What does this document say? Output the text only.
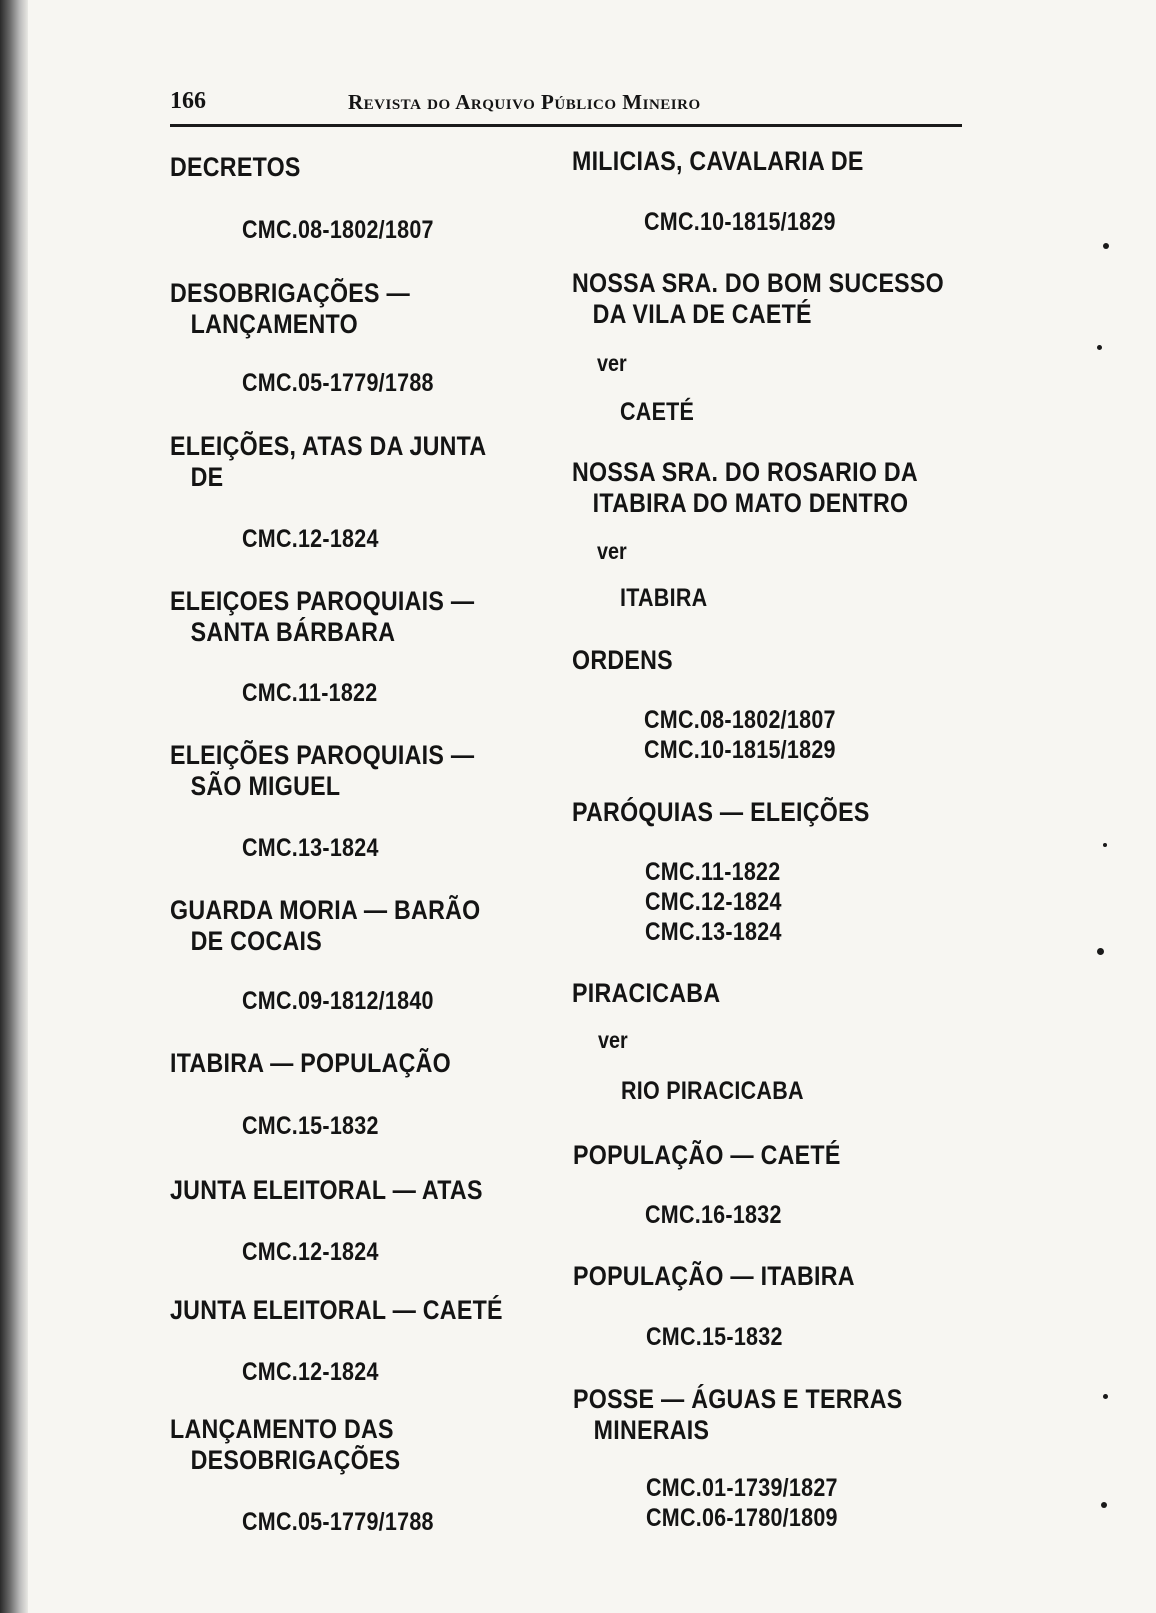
166	Revista do Arquivo Público Mineiro
DECRETOS
CMC.08-1802/1807
DESOBRIGAÇÕES —
LANÇAMENTO
CMC.05-1779/1788
ELEIÇÕES, ATAS DA JUNTA
DE
CMC.12-1824
ELEIÇOES PAROQUIAIS —
SANTA BÁRBARA
CMC.11-1822
ELEIÇÕES PAROQUIAIS —
SÃO MIGUEL
CMC.13-1824
GUARDA MORIA — BARÃO
DE COCAIS
CMC.09-1812/1840
ITABIRA — POPULAÇÃO
CMC.15-1832
JUNTA ELEITORAL — ATAS
CMC.12-1824
JUNTA ELEITORAL — CAETÉ
CMC.12-1824
LANÇAMENTO DAS
DESOBRIGAÇÕES
CMC.05-1779/1788
MILICIAS, CAVALARIA DE
CMC.10-1815/1829
NOSSA SRA. DO BOM SUCESSO
DA VILA DE CAETÉ
ver
CAETÉ
NOSSA SRA. DO ROSARIO DA
ITABIRA DO MATO DENTRO
ver
ITABIRA
ORDENS
CMC.08-1802/1807
CMC.10-1815/1829
PARÓQUIAS — ELEIÇÕES
CMC.11-1822
CMC.12-1824
CMC.13-1824
PIRACICABA
ver
RIO PIRACICABA
POPULAÇÃO — CAETÉ
CMC.16-1832
POPULAÇÃO — ITABIRA
CMC.15-1832
POSSE — ÁGUAS E TERRAS
MINERAIS
CMC.01-1739/1827
CMC.06-1780/1809
